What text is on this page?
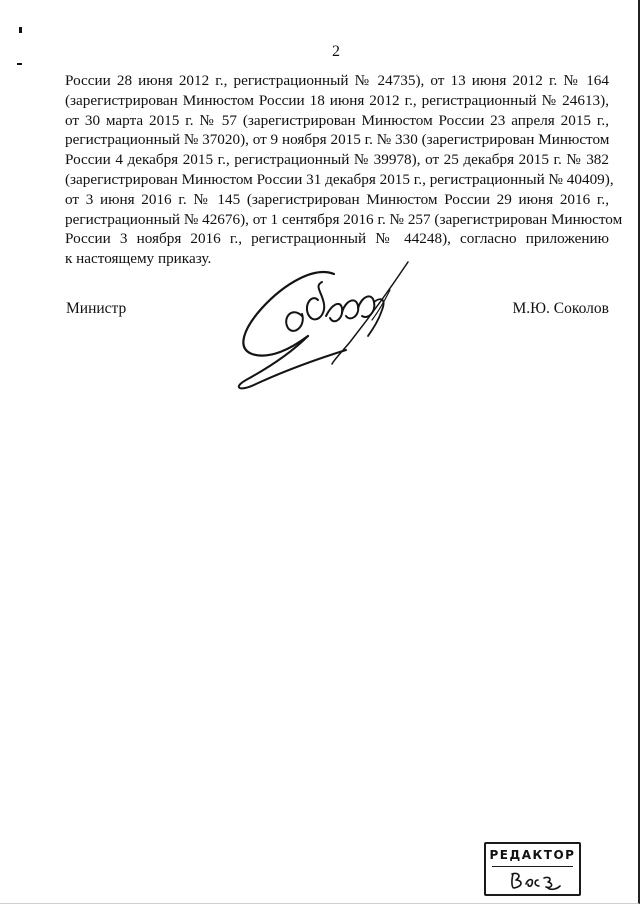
2
России 28 июня 2012 г., регистрационный № 24735), от 13 июня 2012 г. № 164
(зарегистрирован Минюстом России 18 июня 2012 г., регистрационный № 24613),
от 30 марта 2015 г. № 57 (зарегистрирован Минюстом России 23 апреля 2015 г.,
регистрационный № 37020), от 9 ноября 2015 г. № 330 (зарегистрирован Минюстом
России 4 декабря 2015 г., регистрационный № 39978), от 25 декабря 2015 г. № 382
(зарегистрирован Минюстом России 31 декабря 2015 г., регистрационный № 40409),
от 3 июня 2016 г. № 145 (зарегистрирован Минюстом России 29 июня 2016 г.,
регистрационный № 42676), от 1 сентября 2016 г. № 257 (зарегистрирован Минюстом
России 3 ноября 2016 г., регистрационный № 44248), согласно приложению
к настоящему приказу.
Министр	М.Ю. Соколов
РЕДАКТОР
